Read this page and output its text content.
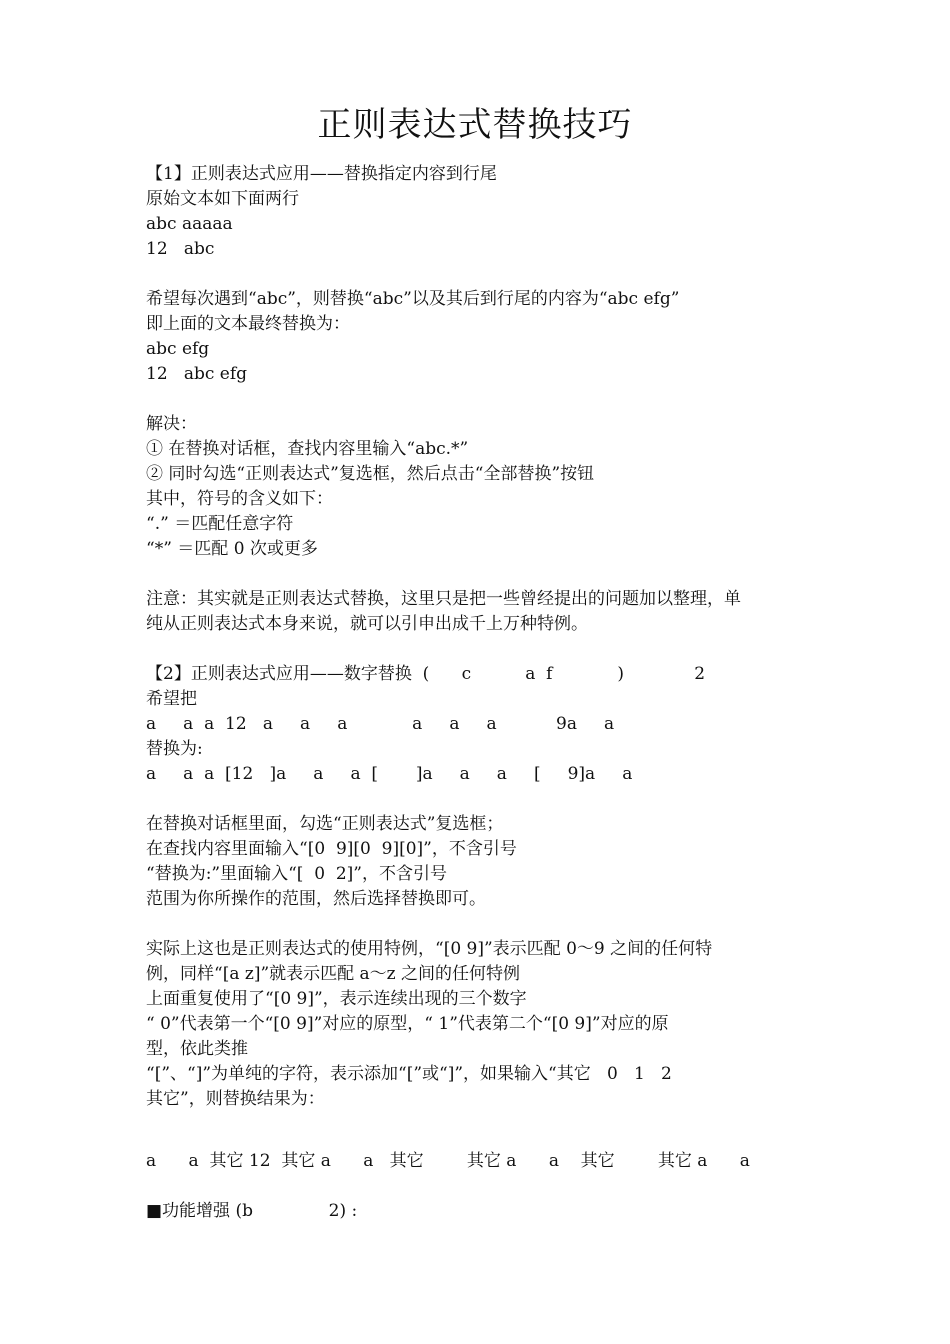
正则表达式替换技巧
【1】正则表达式应用——替换指定内容到行尾
原始文本如下面两行
abc aaaaa
12   abc
希望每次遇到“abc”，则替换“abc”以及其后到行尾的内容为“abc efg”
即上面的文本最终替换为：
abc efg
12   abc efg
解决：
① 在替换对话框，查找内容里输入“abc.*”
② 同时勾选“正则表达式”复选框，然后点击“全部替换”按钮
其中，符号的含义如下：
“.” ＝匹配任意字符
“*” ＝匹配 0 次或更多
注意：其实就是正则表达式替换，这里只是把一些曾经提出的问题加以整理，单
纯从正则表达式本身来说，就可以引申出成千上万种特例。
【2】正则表达式应用——数字替换  (      c          a  f            )             2
希望把
a     a  a  12   a     a     a            a     a     a           9a     a
替换为:
a     a  a  [12   ]a     a     a  [       ]a     a     a     [     9]a     a
在替换对话框里面，勾选“正则表达式”复选框；
在查找内容里面输入“[0  9][0  9][0]”，不含引号
“替换为:”里面输入“[  0  2]”，不含引号
范围为你所操作的范围，然后选择替换即可。
实际上这也是正则表达式的使用特例，“[0 9]”表示匹配 0～9 之间的任何特
例，同样“[a z]”就表示匹配 a～z 之间的任何特例
上面重复使用了“[0 9]”，表示连续出现的三个数字
“ 0”代表第一个“[0 9]”对应的原型，“ 1”代表第二个“[0 9]”对应的原
型，依此类推
“[”、“]”为单纯的字符，表示添加“[”或“]”，如果输入“其它   0   1   2
其它”，则替换结果为：
a      a  其它 12  其它 a      a   其它        其它 a      a    其它        其它 a      a
■功能增强 (b              2) :
